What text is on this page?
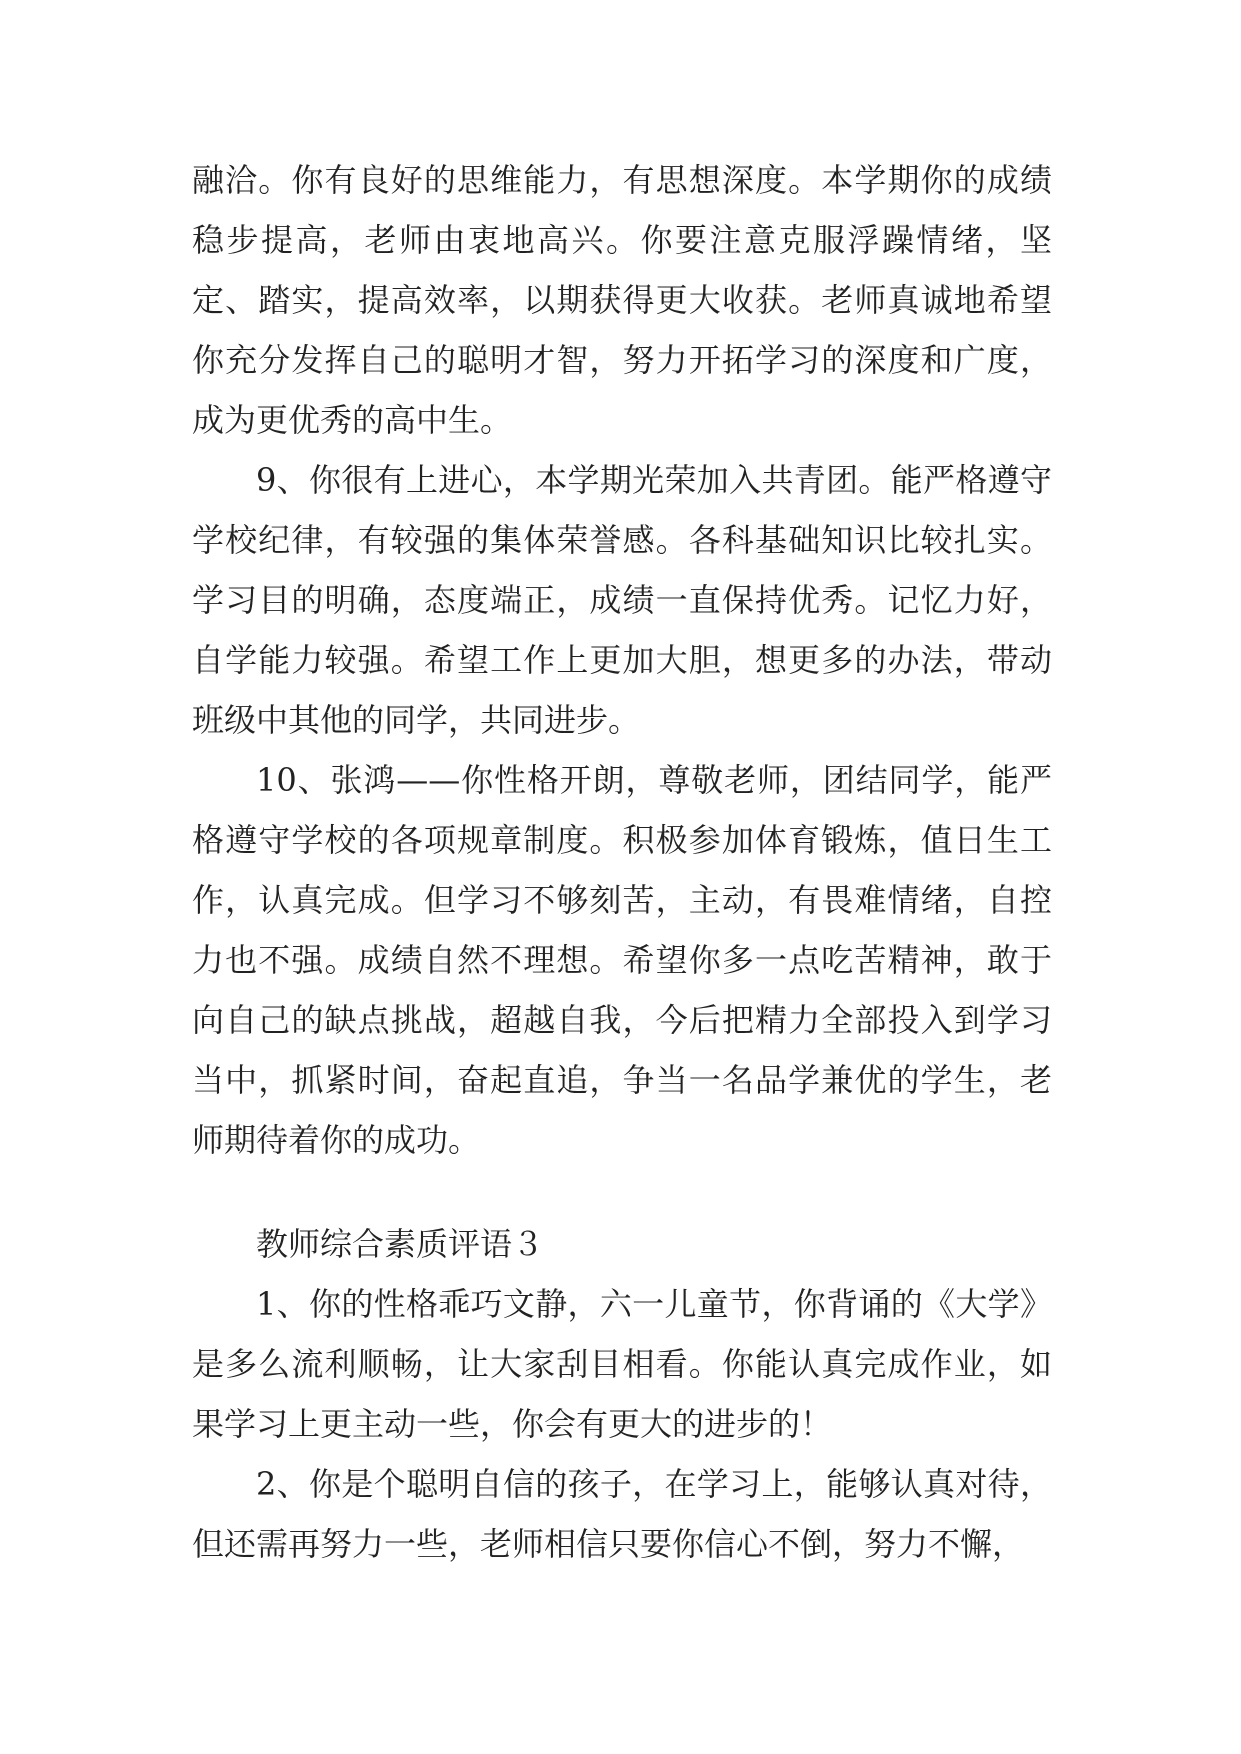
融洽。你有良好的思维能力，有思想深度。本学期你的成绩稳步提高，老师由衷地高兴。你要注意克服浮躁情绪，坚定、踏实，提高效率，以期获得更大收获。老师真诚地希望你充分发挥自己的聪明才智，努力开拓学习的深度和广度，成为更优秀的高中生。

9、你很有上进心，本学期光荣加入共青团。能严格遵守学校纪律，有较强的集体荣誉感。各科基础知识比较扎实。学习目的明确，态度端正，成绩一直保持优秀。记忆力好，自学能力较强。希望工作上更加大胆，想更多的办法，带动班级中其他的同学，共同进步。

10、张鸿——你性格开朗，尊敬老师，团结同学，能严格遵守学校的各项规章制度。积极参加体育锻炼，值日生工作，认真完成。但学习不够刻苦，主动，有畏难情绪，自控力也不强。成绩自然不理想。希望你多一点吃苦精神，敢于向自己的缺点挑战，超越自我，今后把精力全部投入到学习当中，抓紧时间，奋起直追，争当一名品学兼优的学生，老师期待着你的成功。

教师综合素质评语３

1、你的性格乖巧文静，六一儿童节，你背诵的《大学》是多么流利顺畅，让大家刮目相看。你能认真完成作业，如果学习上更主动一些，你会有更大的进步的！

2、你是个聪明自信的孩子，在学习上，能够认真对待，但还需再努力一些，老师相信只要你信心不倒，努力不懈，
